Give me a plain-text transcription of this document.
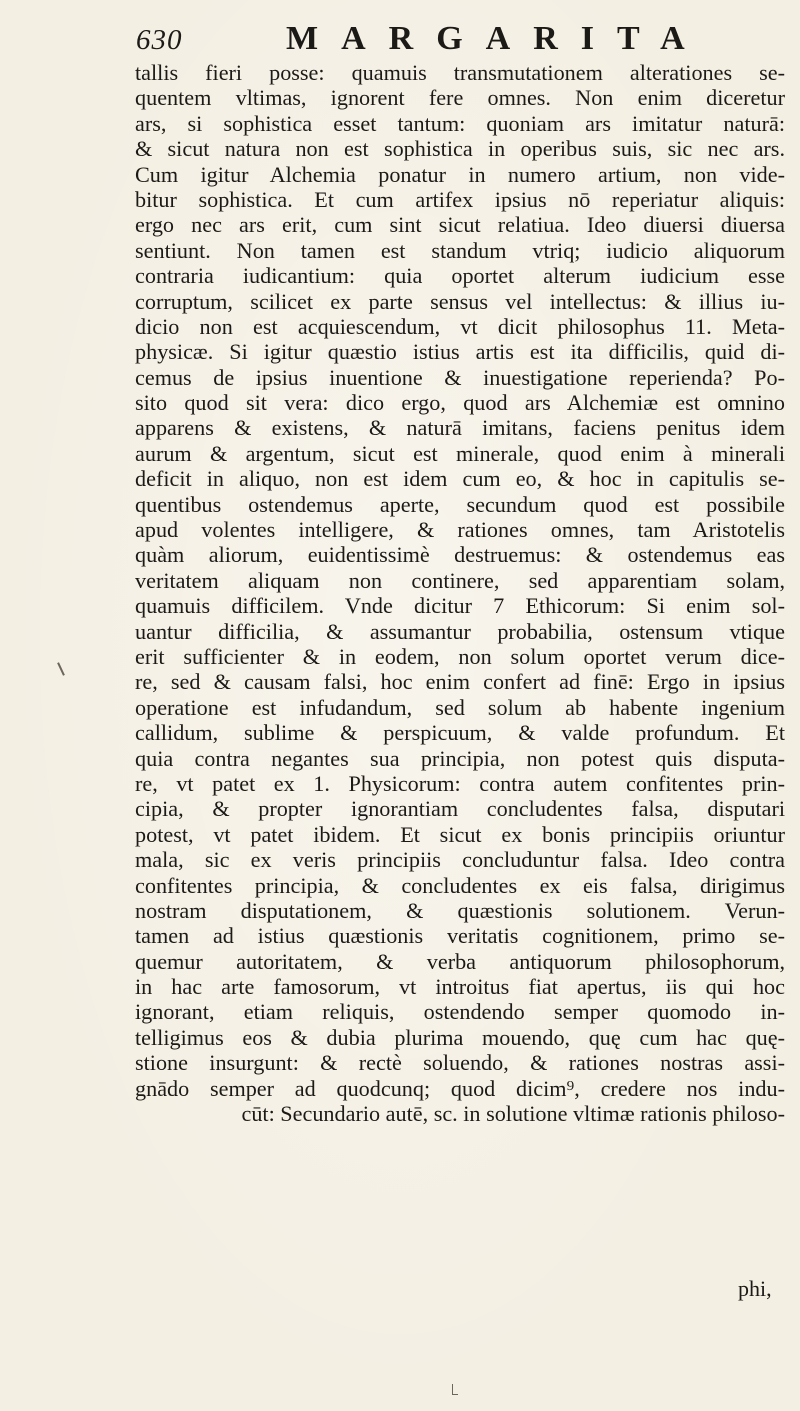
630	MARGARITA
tallis fieri posse: quamuis transmutationem alterationes se-
quentem vltimas, ignorent fere omnes. Non enim diceretur
ars, si sophistica esset tantum: quoniam ars imitatur naturā:
& sicut natura non est sophistica in operibus suis, sic nec ars.
Cum igitur Alchemia ponatur in numero artium, non vide-
bitur sophistica. Et cum artifex ipsius nō reperiatur aliquis:
ergo nec ars erit, cum sint sicut relatiua. Ideo diuersi diuersa
sentiunt. Non tamen est standum vtriq; iudicio aliquorum
contraria iudicantium: quia oportet alterum iudicium esse
corruptum, scilicet ex parte sensus vel intellectus: & illius iu-
dicio non est acquiescendum, vt dicit philosophus 11. Meta-
physicæ. Si igitur quæstio istius artis est ita difficilis, quid di-
cemus de ipsius inuentione & inuestigatione reperienda? Po-
sito quod sit vera: dico ergo, quod ars Alchemiæ est omnino
apparens & existens, & naturā imitans, faciens penitus idem
aurum & argentum, sicut est minerale, quod enim à minerali
deficit in aliquo, non est idem cum eo, & hoc in capitulis se-
quentibus ostendemus aperte, secundum quod est possibile
apud volentes intelligere, & rationes omnes, tam Aristotelis
quàm aliorum, euidentissimè destruemus: & ostendemus eas
veritatem aliquam non continere, sed apparentiam solam,
quamuis difficilem. Vnde dicitur 7 Ethicorum: Si enim sol-
uantur difficilia, & assumantur probabilia, ostensum vtique
erit sufficienter & in eodem, non solum oportet verum dice-
re, sed & causam falsi, hoc enim confert ad finē: Ergo in ipsius
operatione est infudandum, sed solum ab habente ingenium
callidum, sublime & perspicuum, & valde profundum. Et
quia contra negantes sua principia, non potest quis disputa-
re, vt patet ex 1. Physicorum: contra autem confitentes prin-
cipia, & propter ignorantiam concludentes falsa, disputari
potest, vt patet ibidem. Et sicut ex bonis principiis oriuntur
mala, sic ex veris principiis concluduntur falsa. Ideo contra
confitentes principia, & concludentes ex eis falsa, dirigimus
nostram disputationem, & quæstionis solutionem. Verun-
tamen ad istius quæstionis veritatis cognitionem, primo se-
quemur autoritatem, & verba antiquorum philosophorum,
in hac arte famosorum, vt introitus fiat apertus, iis qui hoc
ignorant, etiam reliquis, ostendendo semper quomodo in-
telligimus eos & dubia plurima mouendo, quę cum hac quę-
stione insurgunt: & rectè soluendo, & rationes nostras assi-
gnādo semper ad quodcunq; quod dicim⁹, credere nos indu-
cūt: Secundario autē, sc. in solutione vltimæ rationis philoso-
phi,
